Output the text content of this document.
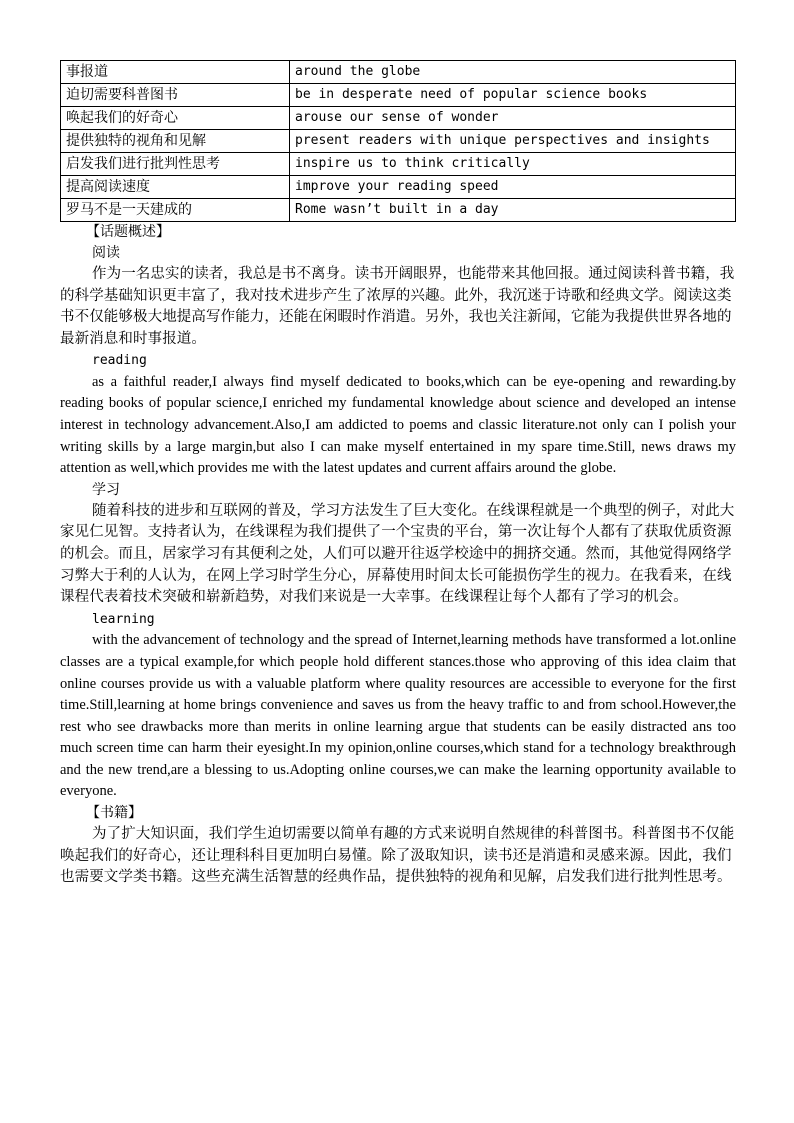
事报道	around the globe
迫切需要科普图书	be in desperate need of popular science books
唤起我们的好奇心	arouse our sense of wonder
提供独特的视角和见解	present readers with unique perspectives and insights
启发我们进行批判性思考	inspire us to think critically
提高阅读速度	improve your reading speed
罗马不是一天建成的	Rome wasn’t built in a day
【话题概述】
阅读

作为一名忠实的读者，我总是书不离身。读书开阔眼界，也能带来其他回报。通过阅读科普书籍，我的科学基础知识更丰富了，我对技术进步产生了浓厚的兴趣。此外，我沉迷于诗歌和经典文学。阅读这类书不仅能够极大地提高写作能力，还能在闲暇时作消遣。另外，我也关注新闻，它能为我提供世界各地的最新消息和时事报道。

reading

as a faithful reader,I always find myself dedicated to books,which can be eye-opening and rewarding.by reading books of popular science,I enriched my fundamental knowledge about science and developed an intense interest in technology advancement.Also,I am addicted to poems and classic literature.not only can I polish your writing skills by a large margin,but also I can make myself entertained in my spare time.Still, news draws my attention as well,which provides me with the latest updates and current affairs around the globe.

学习

随着科技的进步和互联网的普及，学习方法发生了巨大变化。在线课程就是一个典型的例子，对此大家见仁见智。支持者认为，在线课程为我们提供了一个宝贵的平台，第一次让每个人都有了获取优质资源的机会。而且，居家学习有其便利之处，人们可以避开往返学校途中的拥挤交通。然而，其他觉得网络学习弊大于利的人认为，在网上学习时学生分心，屏幕使用时间太长可能损伤学生的视力。在我看来，在线课程代表着技术突破和崭新趋势，对我们来说是一大幸事。在线课程让每个人都有了学习的机会。

learning

with the advancement of technology and the spread of Internet,learning methods have transformed a lot.online classes are a typical example,for which people hold different stances.those who approving of this idea claim that online courses provide us with a valuable platform where quality resources are accessible to everyone for the first time.Still,learning at home brings convenience and saves us from the heavy traffic to and from school.However,the rest who see drawbacks more than merits in online learning argue that students can be easily distracted ans too much screen time can harm their eyesight.In my opinion,online courses,which stand for a technology breakthrough and the new trend,are a blessing to us.Adopting online courses,we can make the learning opportunity available to everyone.

【书籍】

为了扩大知识面，我们学生迫切需要以简单有趣的方式来说明自然规律的科普图书。科普图书不仅能唤起我们的好奇心，还让理科科目更加明白易懂。除了汲取知识，读书还是消遣和灵感来源。因此，我们也需要文学类书籍。这些充满生活智慧的经典作品，提供独特的视角和见解，启发我们进行批判性思考。
